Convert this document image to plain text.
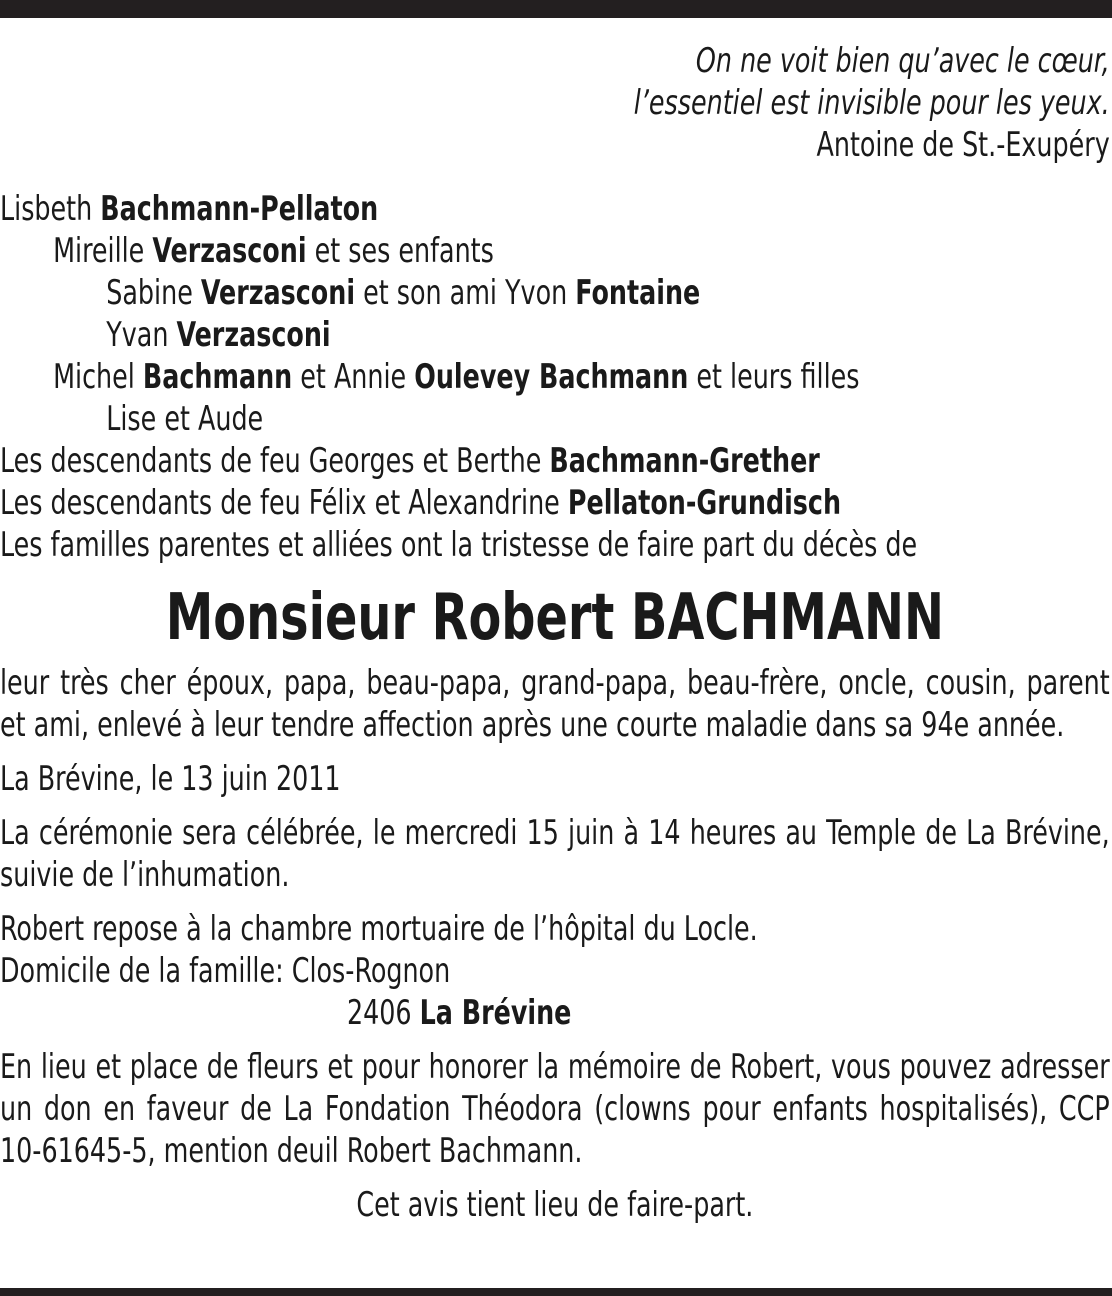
On ne voit bien qu’avec le cœur,
l’essentiel est invisible pour les yeux.
Antoine de St.-Exupéry
Lisbeth Bachmann-Pellaton
Mireille Verzasconi et ses enfants
Sabine Verzasconi et son ami Yvon Fontaine
Yvan Verzasconi
Michel Bachmann et Annie Oulevey Bachmann et leurs filles
Lise et Aude
Les descendants de feu Georges et Berthe Bachmann-Grether
Les descendants de feu Félix et Alexandrine Pellaton-Grundisch
Les familles parentes et alliées ont la tristesse de faire part du décès de
Monsieur Robert BACHMANN
leur très cher époux, papa, beau-papa, grand-papa, beau-frère, oncle, cousin, parent et ami, enlevé à leur tendre affection après une courte maladie dans sa 94e année.
La Brévine, le 13 juin 2011
La cérémonie sera célébrée, le mercredi 15 juin à 14 heures au Temple de La Brévine, suivie de l’inhumation.
Robert repose à la chambre mortuaire de l’hôpital du Locle.
Domicile de la famille: Clos-Rognon
2406 La Brévine
En lieu et place de fleurs et pour honorer la mémoire de Robert, vous pouvez adresser un don en faveur de La Fondation Théodora (clowns pour enfants hospitalisés), CCP 10-61645-5, mention deuil Robert Bachmann.
Cet avis tient lieu de faire-part.
